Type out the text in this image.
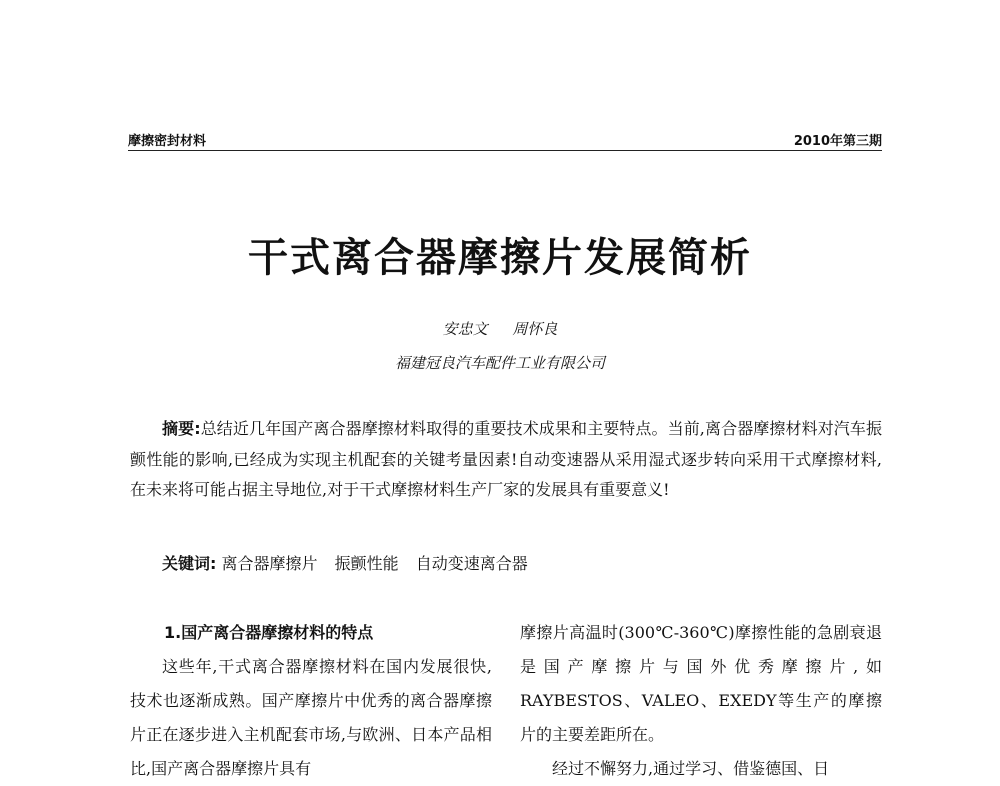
摩擦密封材料	2010年第三期
干式离合器摩擦片发展简析
安忠文 周怀良
福建冠良汽车配件工业有限公司
摘要:总结近几年国产离合器摩擦材料取得的重要技术成果和主要特点。当前,离合器摩擦材料对汽车振颤性能的影响,已经成为实现主机配套的关键考量因素!自动变速器从采用湿式逐步转向采用干式摩擦材料,在未来将可能占据主导地位,对于干式摩擦材料生产厂家的发展具有重要意义!
关键词: 离合器摩擦片 振颤性能 自动变速离合器
1.国产离合器摩擦材料的特点

这些年,干式离合器摩擦材料在国内发展很快,技术也逐渐成熟。国产摩擦片中优秀的离合器摩擦片正在逐步进入主机配套市场,与欧洲、日本产品相比,国产离合器摩擦片具有

摩擦片高温时(300℃-360℃)摩擦性能的急剧衰退是国产摩擦片与国外优秀摩擦片,如RAYBESTOS、VALEO、EXEDY等生产的摩擦片的主要差距所在。

经过不懈努力,通过学习、借鉴德国、日
